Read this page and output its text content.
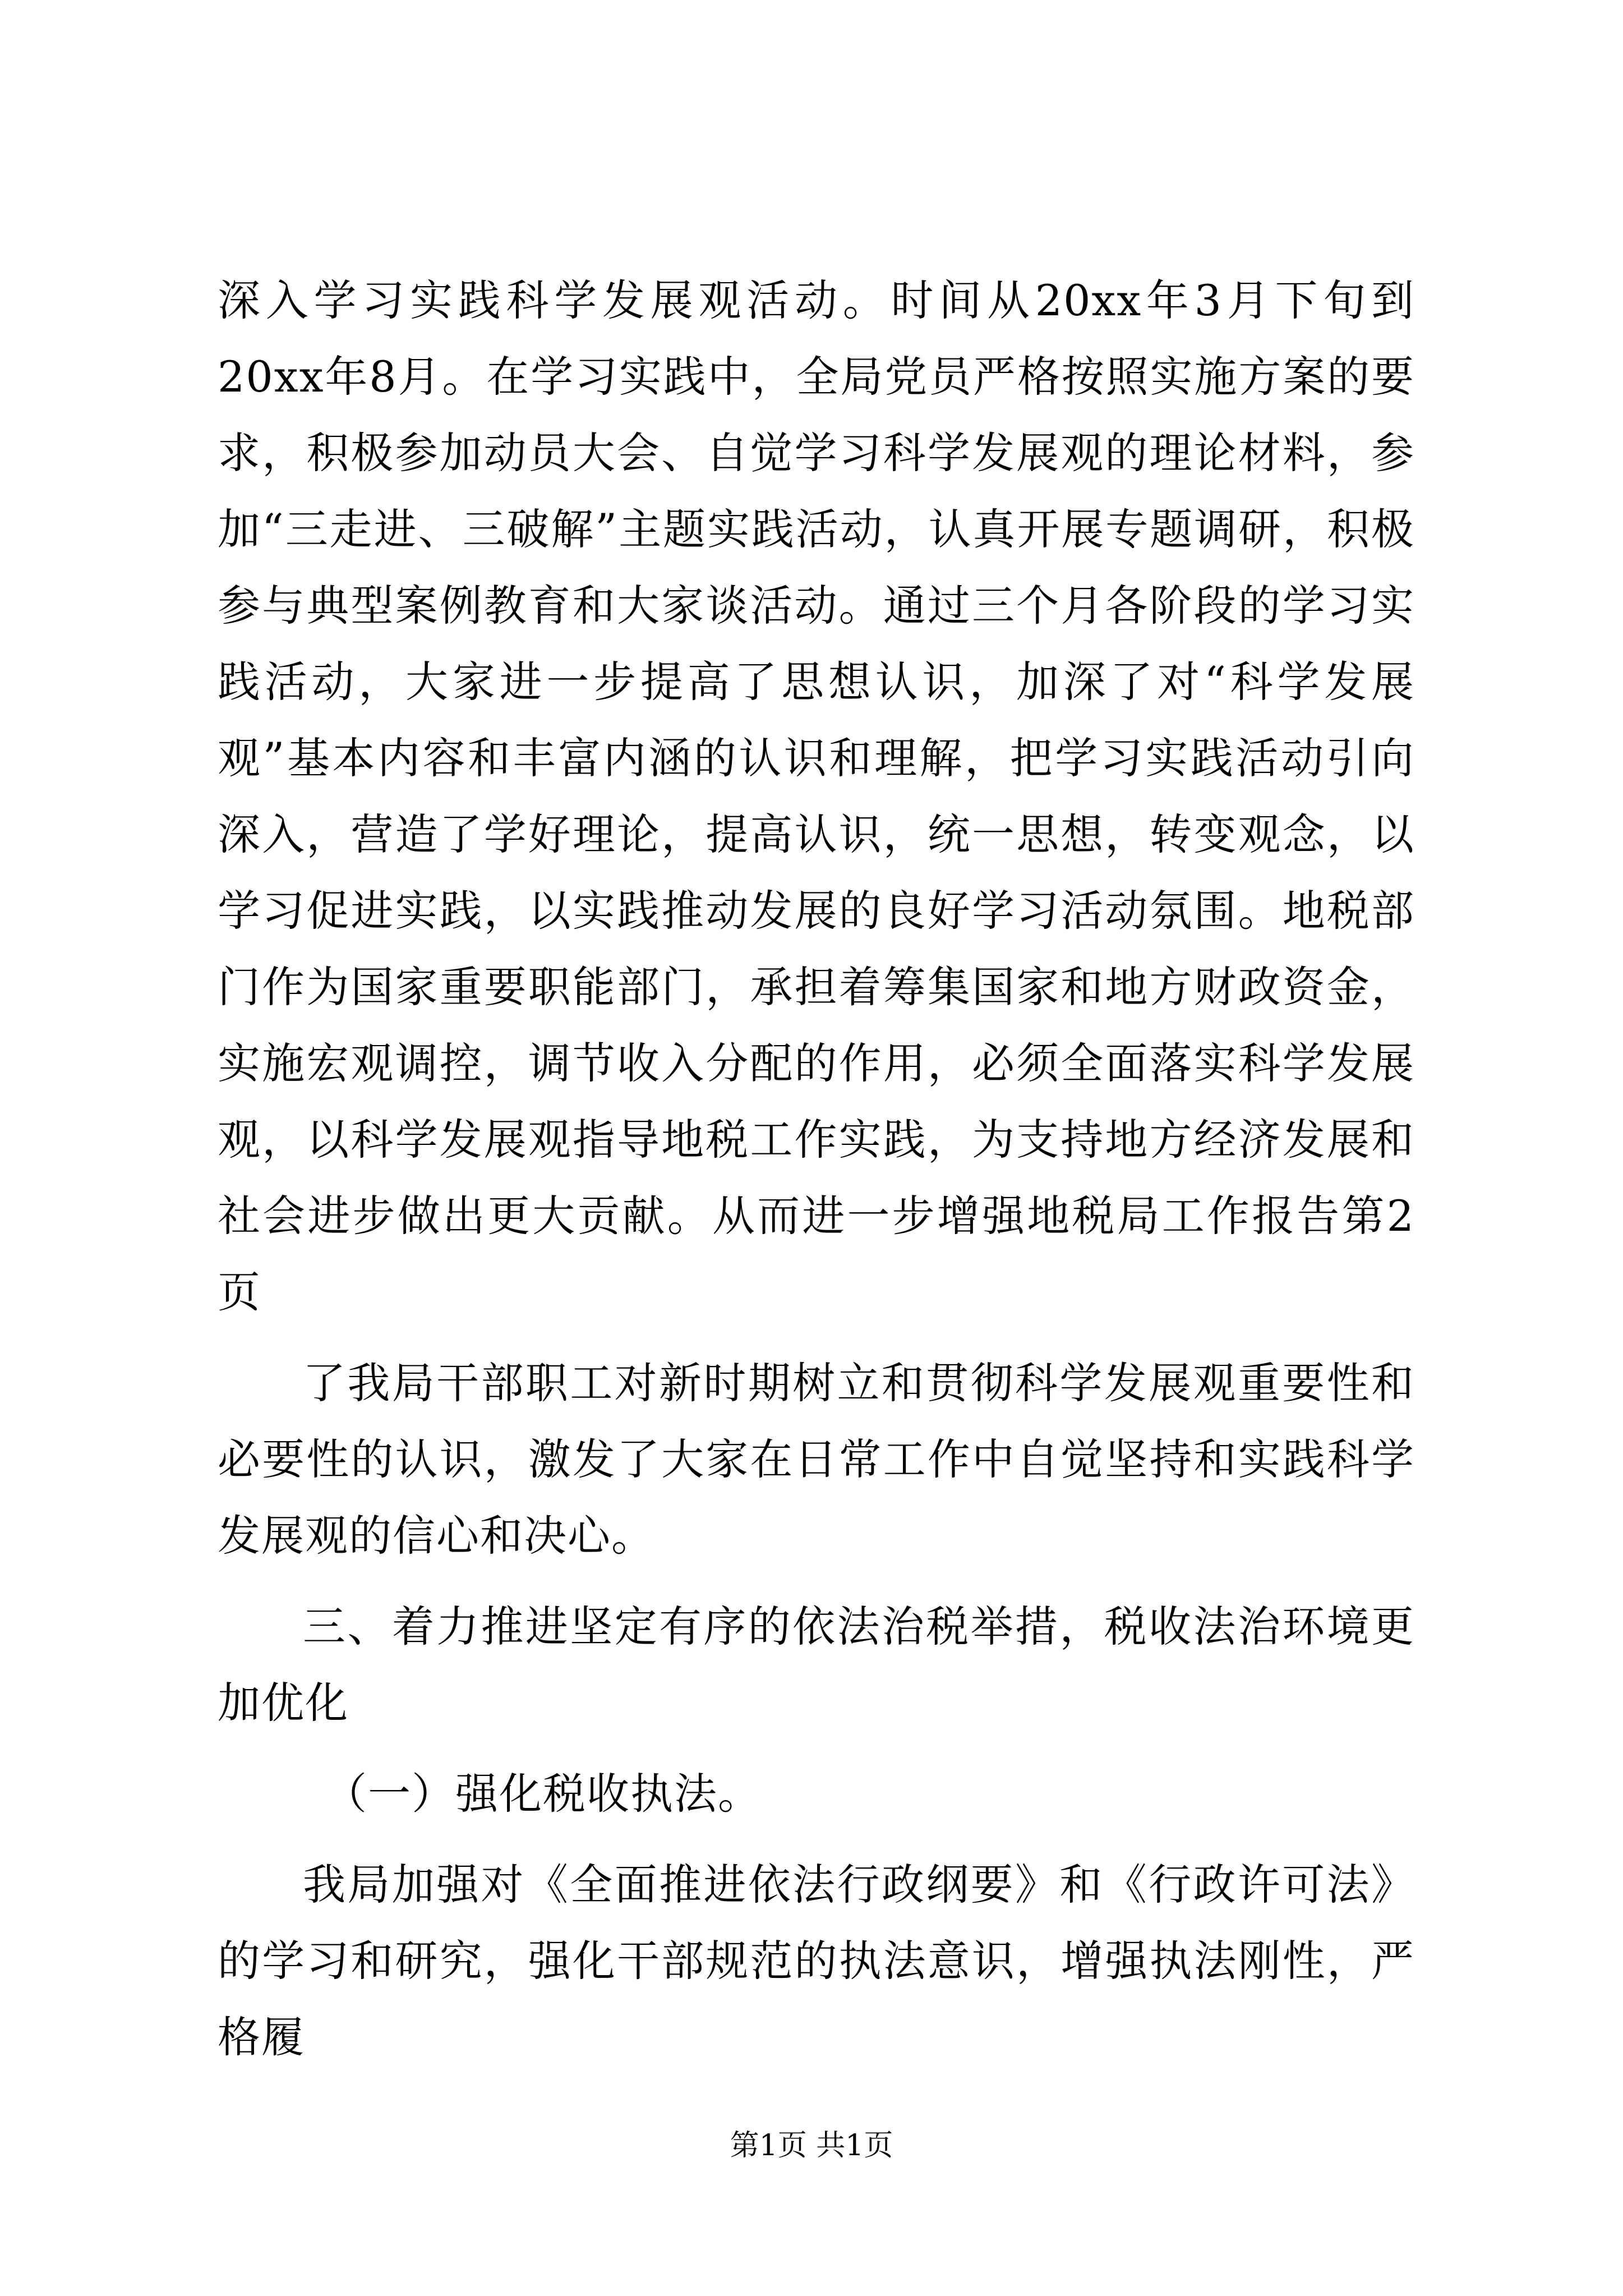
深入学习实践科学发展观活动。时间从20xx年3月下旬到20xx年8月。在学习实践中，全局党员严格按照实施方案的要求，积极参加动员大会、自觉学习科学发展观的理论材料，参加“三走进、三破解”主题实践活动，认真开展专题调研，积极参与典型案例教育和大家谈活动。通过三个月各阶段的学习实践活动，大家进一步提高了思想认识，加深了对“科学发展观”基本内容和丰富内涵的认识和理解，把学习实践活动引向深入，营造了学好理论，提高认识，统一思想，转变观念，以学习促进实践，以实践推动发展的良好学习活动氛围。地税部门作为国家重要职能部门，承担着筹集国家和地方财政资金，实施宏观调控，调节收入分配的作用，必须全面落实科学发展观，以科学发展观指导地税工作实践，为支持地方经济发展和社会进步做出更大贡献。从而进一步增强地税局工作报告第2页

了我局干部职工对新时期树立和贯彻科学发展观重要性和必要性的认识，激发了大家在日常工作中自觉坚持和实践科学发展观的信心和决心。

三、着力推进坚定有序的依法治税举措，税收法治环境更加优化

（一）强化税收执法。

我局加强对《全面推进依法行政纲要》和《行政许可法》的学习和研究，强化干部规范的执法意识，增强执法刚性，严格履

第1页 共1页
